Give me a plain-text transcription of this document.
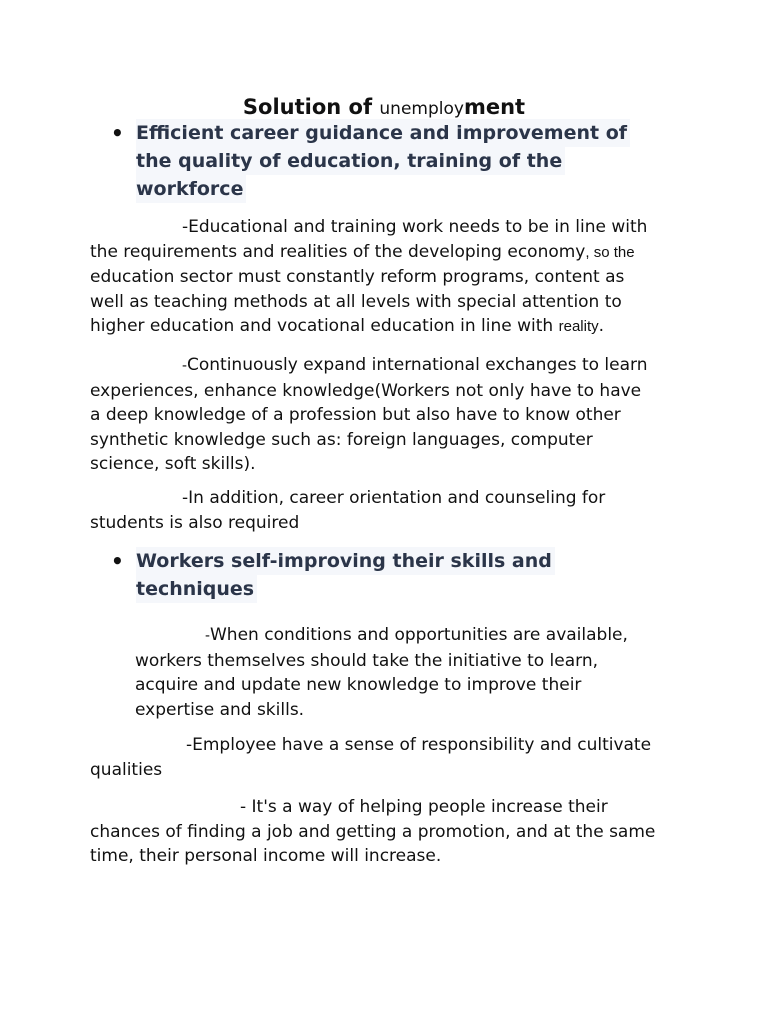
Solution of unemployment
• Efficient career guidance and improvement of
the quality of education, training of the
workforce
-Educational and training work needs to be in line with
the requirements and realities of the developing economy, so the
education sector must constantly reform programs, content as
well as teaching methods at all levels with special attention to
higher education and vocational education in line with reality.
-Continuously expand international exchanges to learn
experiences, enhance knowledge(Workers not only have to have
a deep knowledge of a profession but also have to know other
synthetic knowledge such as: foreign languages, computer
science, soft skills).
-In addition, career orientation and counseling for
students is also required
• Workers self-improving their skills and
techniques
-When conditions and opportunities are available,
workers themselves should take the initiative to learn,
acquire and update new knowledge to improve their
expertise and skills.
-Employee have a sense of responsibility and cultivate
qualities
- It's a way of helping people increase their
chances of finding a job and getting a promotion, and at the same
time, their personal income will increase.
